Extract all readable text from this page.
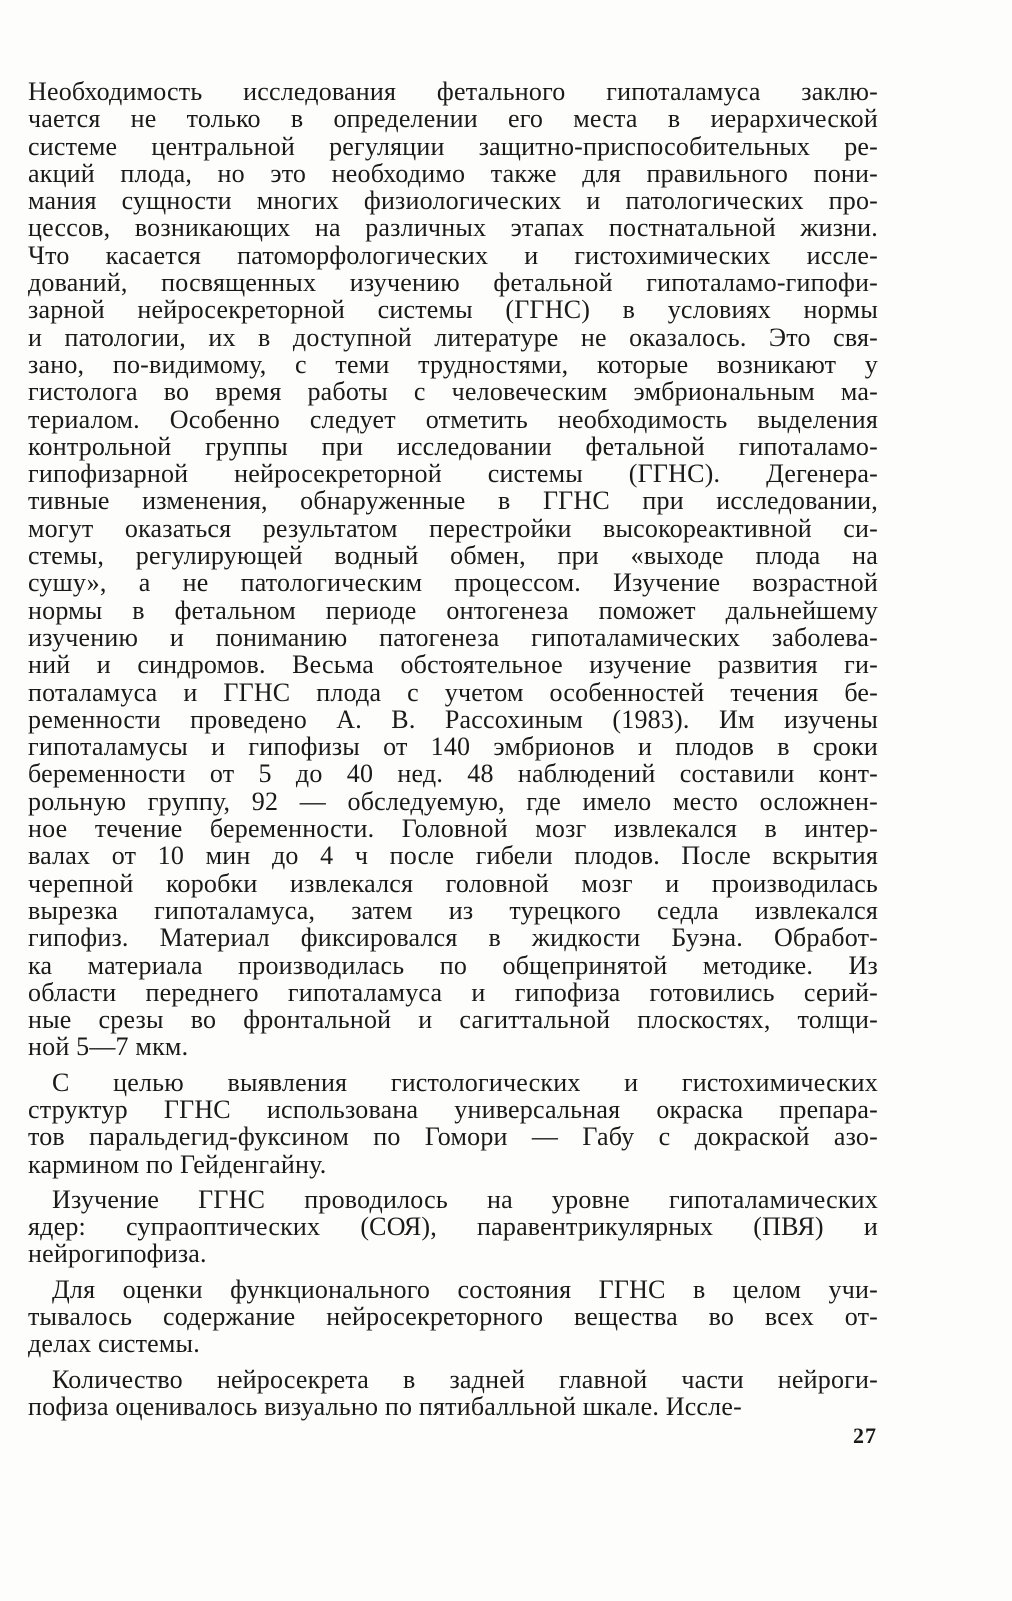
Необходимость исследования фетального гипоталамуса заклю-
чается не только в определении его места в иерархической
системе центральной регуляции защитно-приспособительных ре-
акций плода, но это необходимо также для правильного пони-
мания сущности многих физиологических и патологических про-
цессов, возникающих на различных этапах постнатальной жизни.
Что касается патоморфологических и гистохимических иссле-
дований, посвященных изучению фетальной гипоталамо-гипофи-
зарной нейросекреторной системы (ГГНС) в условиях нормы
и патологии, их в доступной литературе не оказалось. Это свя-
зано, по-видимому, с теми трудностями, которые возникают у
гистолога во время работы с человеческим эмбриональным ма-
териалом. Особенно следует отметить необходимость выделения
контрольной группы при исследовании фетальной гипоталамо-
гипофизарной нейросекреторной системы (ГГНС). Дегенера-
тивные изменения, обнаруженные в ГГНС при исследовании,
могут оказаться результатом перестройки высокореактивной си-
стемы, регулирующей водный обмен, при «выходе плода на
сушу», а не патологическим процессом. Изучение возрастной
нормы в фетальном периоде онтогенеза поможет дальнейшему
изучению и пониманию патогенеза гипоталамических заболева-
ний и синдромов. Весьма обстоятельное изучение развития ги-
поталамуса и ГГНС плода с учетом особенностей течения бе-
ременности проведено А. В. Рассохиным (1983). Им изучены
гипоталамусы и гипофизы от 140 эмбрионов и плодов в сроки
беременности от 5 до 40 нед. 48 наблюдений составили конт-
рольную группу, 92 — обследуемую, где имело место осложнен-
ное течение беременности. Головной мозг извлекался в интер-
валах от 10 мин до 4 ч после гибели плодов. После вскрытия
черепной коробки извлекался головной мозг и производилась
вырезка гипоталамуса, затем из турецкого седла извлекался
гипофиз. Материал фиксировался в жидкости Буэна. Обработ-
ка материала производилась по общепринятой методике. Из
области переднего гипоталамуса и гипофиза готовились серий-
ные срезы во фронтальной и сагиттальной плоскостях, толщи-
ной 5—7 мкм.
С целью выявления гистологических и гистохимических
структур ГГНС использована универсальная окраска препара-
тов паральдегид-фуксином по Гомори — Габу с докраской азо-
кармином по Гейденгайну.
Изучение ГГНС проводилось на уровне гипоталамических
ядер: супраоптических (СОЯ), паравентрикулярных (ПВЯ) и
нейрогипофиза.
Для оценки функционального состояния ГГНС в целом учи-
тывалось содержание нейросекреторного вещества во всех от-
делах системы.
Количество нейросекрета в задней главной части нейроги-
пофиза оценивалось визуально по пятибалльной шкале. Иссле-
27
